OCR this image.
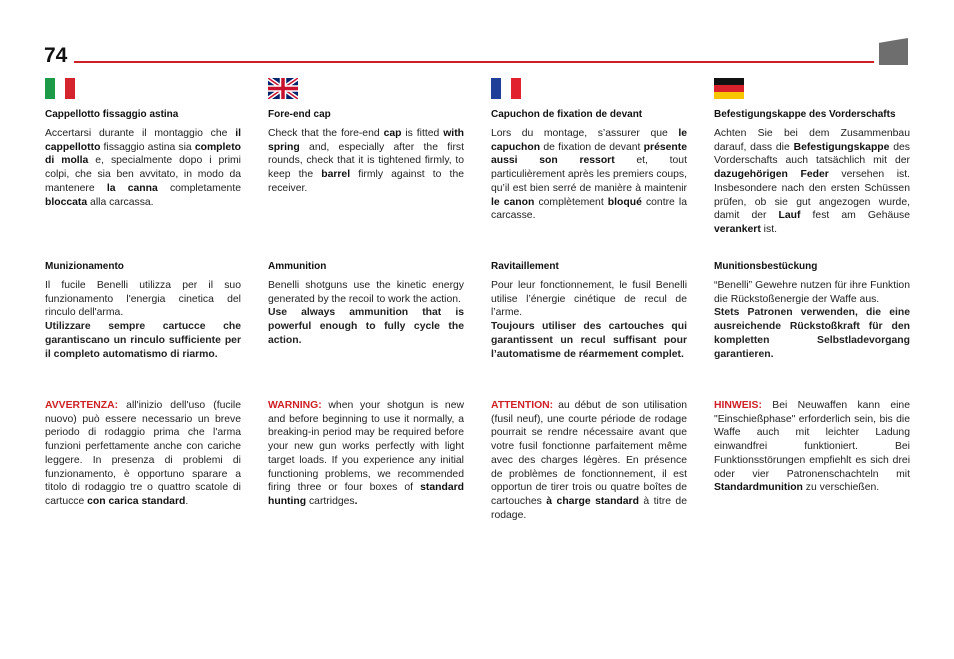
74
Cappellotto fissaggio astina
Accertarsi durante il montaggio che il cappellotto fissaggio astina sia completo di molla e, specialmente dopo i primi colpi, che sia ben avvitato, in modo da mantenere la canna completamente bloccata alla carcassa.
Munizionamento
Il fucile Benelli utilizza per il suo funzionamento l'energia cinetica del rinculo dell'arma.
Utilizzare sempre cartucce che garantiscano un rinculo sufficiente per il completo automatismo di riarmo.
AVVERTENZA: all'inizio dell'uso (fucile nuovo) può essere necessario un breve periodo di rodaggio prima che l'arma funzioni perfettamente anche con cariche leggere. In presenza di problemi di funzionamento, è opportuno sparare a titolo di rodaggio tre o quattro scatole di cartucce con carica standard.
Fore-end cap
Check that the fore-end cap is fitted with spring and, especially after the first rounds, check that it is tightened firmly, to keep the barrel firmly against to the receiver.
Ammunition
Benelli shotguns use the kinetic energy generated by the recoil to work the action.
Use always ammunition that is powerful enough to fully cycle the action.
WARNING: when your shotgun is new and before beginning to use it normally, a breaking-in period may be required before your new gun works perfectly with light target loads. If you experience any initial functioning problems, we recommended firing three or four boxes of standard hunting cartridges.
Capuchon de fixation de devant
Lors du montage, s’assurer que le capuchon de fixation de devant présente aussi son ressort et, tout particulièrement après les premiers coups, qu’il est bien serré de manière à maintenir le canon complètement bloqué contre la carcasse.
Ravitaillement
Pour leur fonctionnement, le fusil Benelli utilise l’énergie cinétique de recul de l’arme.
Toujours utiliser des cartouches qui garantissent un recul suffisant pour l’automatisme de réarmement complet.
ATTENTION: au début de son utilisation (fusil neuf), une courte période de rodage pourrait se rendre nécessaire avant que votre fusil fonctionne parfaitement même avec des charges légères. En présence de problèmes de fonctionnement, il est opportun de tirer trois ou quatre boîtes de cartouches à charge standard à titre de rodage.
Befestigungskappe des Vorderschafts
Achten Sie bei dem Zusammenbau darauf, dass die Befestigungskappe des Vorderschafts auch tatsächlich mit der dazugehörigen Feder versehen ist. Insbesondere nach den ersten Schüssen prüfen, ob sie gut angezogen wurde, damit der Lauf fest am Gehäuse verankert ist.
Munitionsbestückung
“Benelli” Gewehre nutzen für ihre Funktion die Rückstoßenergie der Waffe aus.
Stets Patronen verwenden, die eine ausreichende Rückstoßkraft für den kompletten Selbstladevorgang garantieren.
HINWEIS: Bei Neuwaffen kann eine "Einschießphase" erforderlich sein, bis die Waffe auch mit leichter Ladung einwandfrei funktioniert. Bei Funktionsstörungen empfiehlt es sich drei oder vier Patronenschachteln mit Standardmunition zu verschießen.
